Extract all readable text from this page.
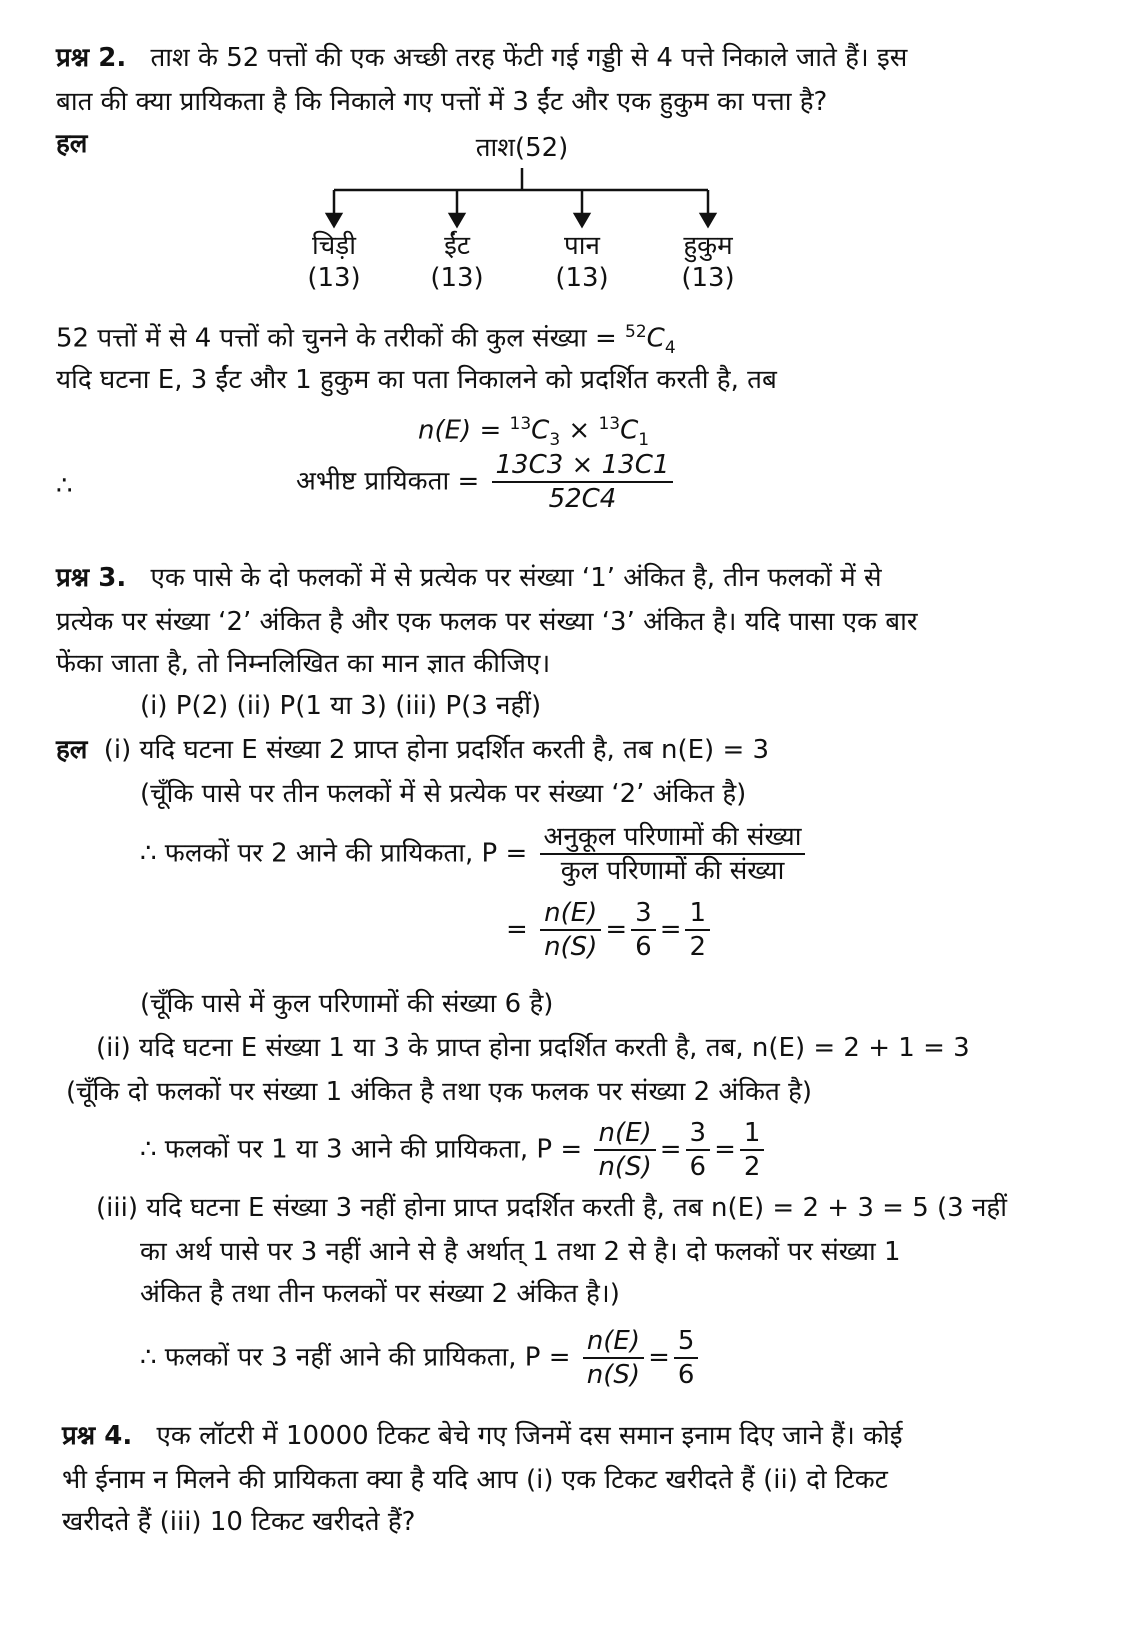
प्रश्न 2. ताश के 52 पत्तों की एक अच्छी तरह फेंटी गई गड्डी से 4 पत्ते निकाले जाते हैं। इस
बात की क्या प्रायिकता है कि निकाले गए पत्तों में 3 ईंट और एक हुकुम का पत्ता है?
हल	ताश(52)
चिड़ी
(13)
ईंट
(13)
पान
(13)
हुकुम
(13)
52 पत्तों में से 4 पत्तों को चुनने के तरीकों की कुल संख्या = $^{52}C_4$
यदि घटना E, 3 ईंट और 1 हुकुम का पता निकालने को प्रदर्शित करती है, तब
$n(E) = ^{13}C_3 \times ^{13}C_1$
∴	अभीष्ट प्रायिकता = $\frac{13C3 \times 13C1}{52C4}$
प्रश्न 3. एक पासे के दो फलकों में से प्रत्येक पर संख्या ‘1’ अंकित है, तीन फलकों में से
प्रत्येक पर संख्या ‘2’ अंकित है और एक फलक पर संख्या ‘3’ अंकित है। यदि पासा एक बार
फेंका जाता है, तो निम्नलिखित का मान ज्ञात कीजिए।
(i) P(2) (ii) P(1 या 3) (iii) P(3 नहीं)
हल (i) यदि घटना E संख्या 2 प्राप्त होना प्रदर्शित करती है, तब n(E) = 3
(चूँकि पासे पर तीन फलकों में से प्रत्येक पर संख्या ‘2’ अंकित है)
∴ फलकों पर 2 आने की प्रायिकता, $P = \frac{\text{अनुकूल परिणामों की संख्या}}{\text{कुल परिणामों की संख्या}}$
= $\frac{n(E)}{n(S)} = \frac{3}{6} = \frac{1}{2}$
(चूँकि पासे में कुल परिणामों की संख्या 6 है)
(ii) यदि घटना E संख्या 1 या 3 के प्राप्त होना प्रदर्शित करती है, तब, n(E) = 2 + 1 = 3
(चूँकि दो फलकों पर संख्या 1 अंकित है तथा एक फलक पर संख्या 2 अंकित है)
∴ फलकों पर 1 या 3 आने की प्रायिकता, $P = \frac{n(E)}{n(S)} = \frac{3}{6} = \frac{1}{2}$
(iii) यदि घटना E संख्या 3 नहीं होना प्राप्त प्रदर्शित करती है, तब n(E) = 2 + 3 = 5 (3 नहीं
का अर्थ पासे पर 3 नहीं आने से है अर्थात् 1 तथा 2 से है। दो फलकों पर संख्या 1
अंकित है तथा तीन फलकों पर संख्या 2 अंकित है।)
∴ फलकों पर 3 नहीं आने की प्रायिकता, $P = \frac{n(E)}{n(S)} = \frac{5}{6}$
प्रश्न 4. एक लॉटरी में 10000 टिकट बेचे गए जिनमें दस समान इनाम दिए जाने हैं। कोई
भी ईनाम न मिलने की प्रायिकता क्या है यदि आप (i) एक टिकट खरीदते हैं (ii) दो टिकट
खरीदते हैं (iii) 10 टिकट खरीदते हैं?
